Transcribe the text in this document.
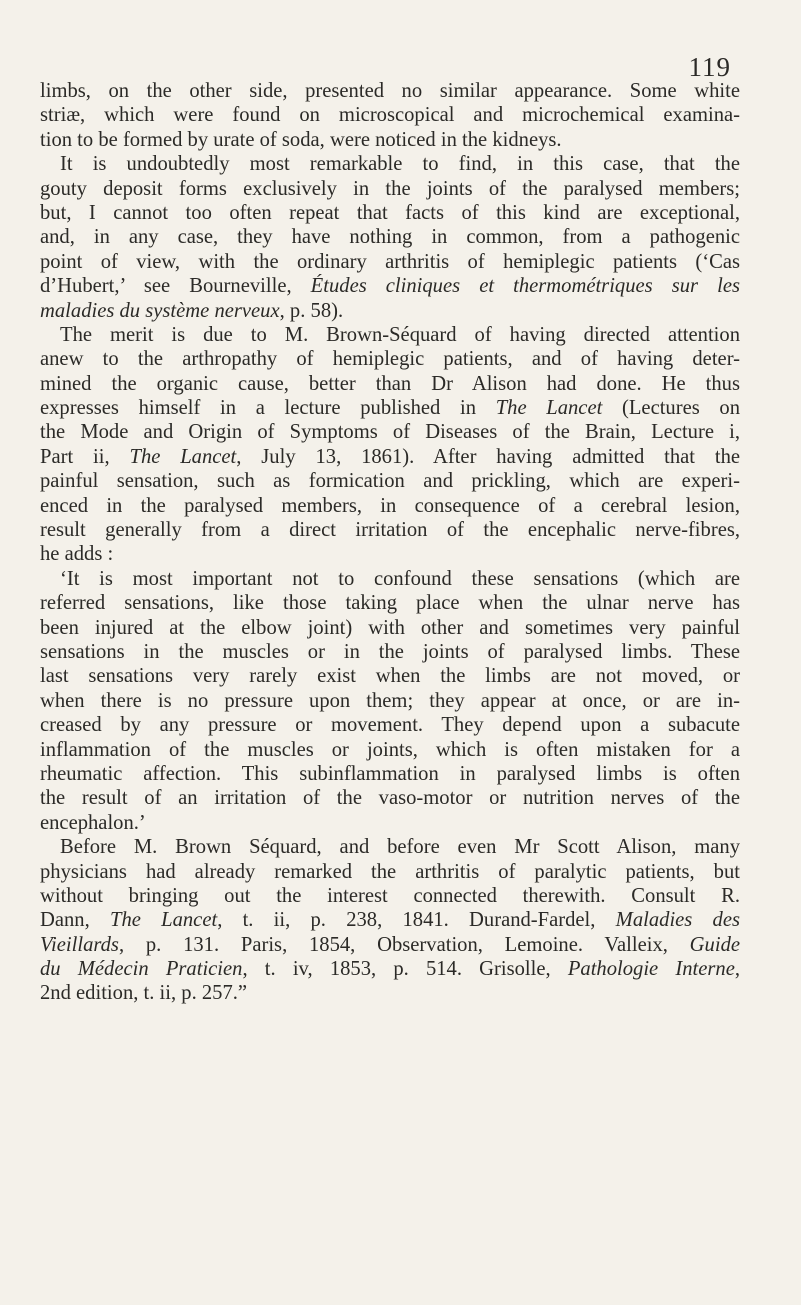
119
limbs, on the other side, presented no similar appearance. Some white
striæ, which were found on microscopical and microchemical examina-
tion to be formed by urate of soda, were noticed in the kidneys.
It is undoubtedly most remarkable to find, in this case, that the
gouty deposit forms exclusively in the joints of the paralysed members;
but, I cannot too often repeat that facts of this kind are exceptional,
and, in any case, they have nothing in common, from a pathogenic
point of view, with the ordinary arthritis of hemiplegic patients (‘Cas
d’Hubert,’ see Bourneville, Études cliniques et thermométriques sur les
maladies du système nerveux, p. 58).
The merit is due to M. Brown-Séquard of having directed attention
anew to the arthropathy of hemiplegic patients, and of having deter-
mined the organic cause, better than Dr Alison had done. He thus
expresses himself in a lecture published in The Lancet (Lectures on
the Mode and Origin of Symptoms of Diseases of the Brain, Lecture i,
Part ii, The Lancet, July 13, 1861). After having admitted that the
painful sensation, such as formication and prickling, which are experi-
enced in the paralysed members, in consequence of a cerebral lesion,
result generally from a direct irritation of the encephalic nerve-fibres,
he adds :
‘It is most important not to confound these sensations (which are
referred sensations, like those taking place when the ulnar nerve has
been injured at the elbow joint) with other and sometimes very painful
sensations in the muscles or in the joints of paralysed limbs. These
last sensations very rarely exist when the limbs are not moved, or
when there is no pressure upon them; they appear at once, or are in-
creased by any pressure or movement. They depend upon a subacute
inflammation of the muscles or joints, which is often mistaken for a
rheumatic affection. This subinflammation in paralysed limbs is often
the result of an irritation of the vaso-motor or nutrition nerves of the
encephalon.’
Before M. Brown Séquard, and before even Mr Scott Alison, many
physicians had already remarked the arthritis of paralytic patients, but
without bringing out the interest connected therewith. Consult R.
Dann, The Lancet, t. ii, p. 238, 1841. Durand-Fardel, Maladies des
Vieillards, p. 131. Paris, 1854, Observation, Lemoine. Valleix, Guide
du Médecin Praticien, t. iv, 1853, p. 514. Grisolle, Pathologie Interne,
2nd edition, t. ii, p. 257.”
